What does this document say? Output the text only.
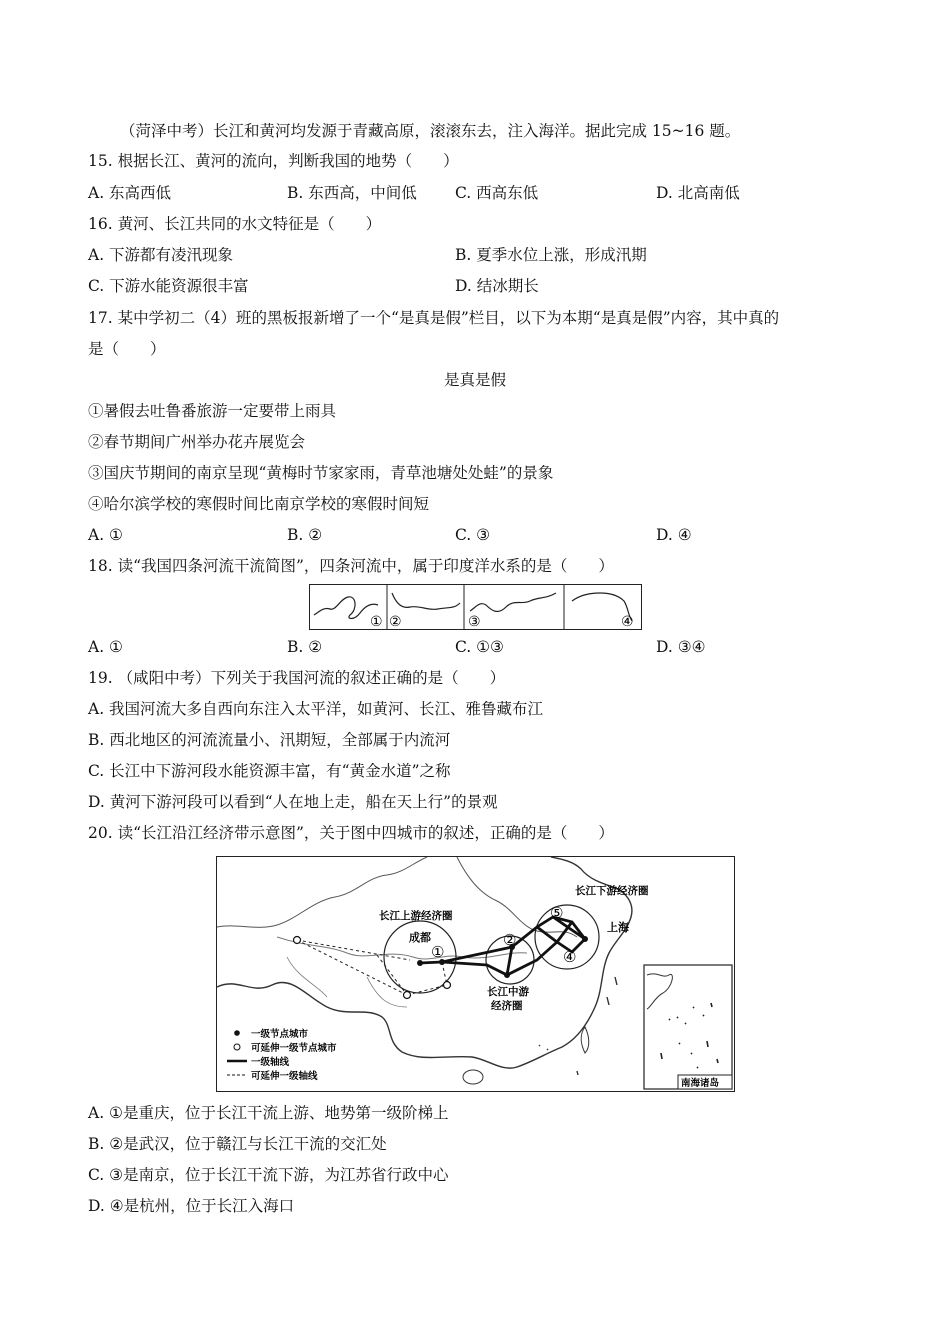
（菏泽中考）长江和黄河均发源于青藏高原，滚滚东去，注入海洋。据此完成 15~16 题。
15. 根据长江、黄河的流向，判断我国的地势（　　）
A. 东高西低	B. 东西高，中间低 C. 西高东低	D. 北高南低
16. 黄河、长江共同的水文特征是（　　）
A. 下游都有凌汛现象	B. 夏季水位上涨，形成汛期
C. 下游水能资源很丰富	D. 结冰期长
17. 某中学初二（4）班的黑板报新增了一个“是真是假”栏目，以下为本期“是真是假”内容，其中真的
是（　　）
是真是假
①暑假去吐鲁番旅游一定要带上雨具
②春节期间广州举办花卉展览会
③国庆节期间的南京呈现“黄梅时节家家雨，青草池塘处处蛙”的景象
④哈尔滨学校的寒假时间比南京学校的寒假时间短
A. ①	B. ②	C. ③	D. ④
18. 读“我国四条河流干流简图”，四条河流中，属于印度洋水系的是（　　）
① ②	③	④
A. ①	B. ②	C. ①③	D. ③④
19. （咸阳中考）下列关于我国河流的叙述正确的是（　　）
A. 我国河流大多自西向东注入太平洋，如黄河、长江、雅鲁藏布江
B. 西北地区的河流流量小、汛期短，全部属于内流河
C. 长江中下游河段水能资源丰富，有“黄金水道”之称
D. 黄河下游河段可以看到“人在地上走，船在天上行”的景观
20. 读“长江沿江经济带示意图”，关于图中四城市的叙述，正确的是（　　）
长江上游经济圈
成都
①
②
⑤
④
长江中游
经济圈
长江下游经济圈
上海
一级节点城市
可延伸一级节点城市
一级轴线
可延伸一级轴线
南海诸岛
A. ①是重庆，位于长江干流上游、地势第一级阶梯上
B. ②是武汉，位于赣江与长江干流的交汇处
C. ③是南京，位于长江干流下游，为江苏省行政中心
D. ④是杭州，位于长江入海口
